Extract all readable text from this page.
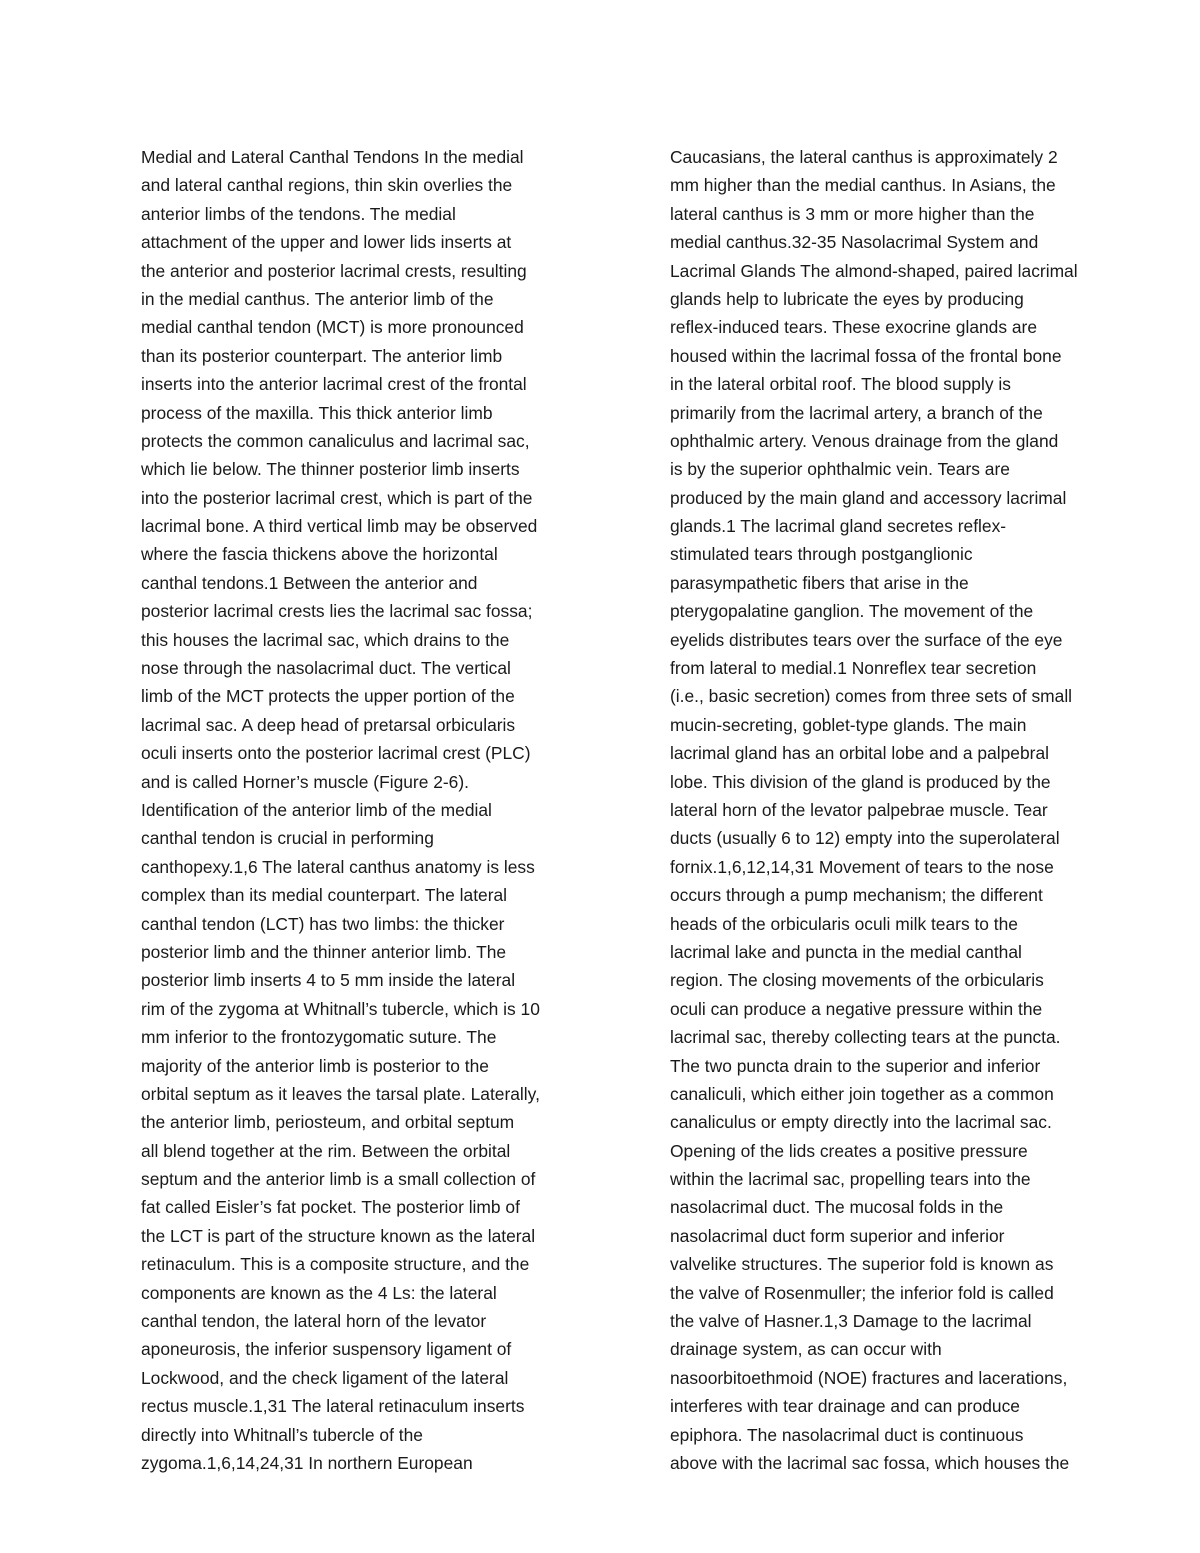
Medial and Lateral Canthal Tendons In the medial
and lateral canthal regions, thin skin overlies the
anterior limbs of the tendons. The medial
attachment of the upper and lower lids inserts at
the anterior and posterior lacrimal crests, resulting
in the medial canthus. The anterior limb of the
medial canthal tendon (MCT) is more pronounced
than its posterior counterpart. The anterior limb
inserts into the anterior lacrimal crest of the frontal
process of the maxilla. This thick anterior limb
protects the common canaliculus and lacrimal sac,
which lie below. The thinner posterior limb inserts
into the posterior lacrimal crest, which is part of the
lacrimal bone. A third vertical limb may be observed
where the fascia thickens above the horizontal
canthal tendons.1 Between the anterior and
posterior lacrimal crests lies the lacrimal sac fossa;
this houses the lacrimal sac, which drains to the
nose through the nasolacrimal duct. The vertical
limb of the MCT protects the upper portion of the
lacrimal sac. A deep head of pretarsal orbicularis
oculi inserts onto the posterior lacrimal crest (PLC)
and is called Horner’s muscle (Figure 2-6).
Identification of the anterior limb of the medial
canthal tendon is crucial in performing
canthopexy.1,6 The lateral canthus anatomy is less
complex than its medial counterpart. The lateral
canthal tendon (LCT) has two limbs: the thicker
posterior limb and the thinner anterior limb. The
posterior limb inserts 4 to 5 mm inside the lateral
rim of the zygoma at Whitnall’s tubercle, which is 10
mm inferior to the frontozygomatic suture. The
majority of the anterior limb is posterior to the
orbital septum as it leaves the tarsal plate. Laterally,
the anterior limb, periosteum, and orbital septum
all blend together at the rim. Between the orbital
septum and the anterior limb is a small collection of
fat called Eisler’s fat pocket. The posterior limb of
the LCT is part of the structure known as the lateral
retinaculum. This is a composite structure, and the
components are known as the 4 Ls: the lateral
canthal tendon, the lateral horn of the levator
aponeurosis, the inferior suspensory ligament of
Lockwood, and the check ligament of the lateral
rectus muscle.1,31 The lateral retinaculum inserts
directly into Whitnall’s tubercle of the
zygoma.1,6,14,24,31 In northern European
Caucasians, the lateral canthus is approximately 2
mm higher than the medial canthus. In Asians, the
lateral canthus is 3 mm or more higher than the
medial canthus.32-35 Nasolacrimal System and
Lacrimal Glands The almond-shaped, paired lacrimal
glands help to lubricate the eyes by producing
reflex-induced tears. These exocrine glands are
housed within the lacrimal fossa of the frontal bone
in the lateral orbital roof. The blood supply is
primarily from the lacrimal artery, a branch of the
ophthalmic artery. Venous drainage from the gland
is by the superior ophthalmic vein. Tears are
produced by the main gland and accessory lacrimal
glands.1 The lacrimal gland secretes reflex-
stimulated tears through postganglionic
parasympathetic fibers that arise in the
pterygopalatine ganglion. The movement of the
eyelids distributes tears over the surface of the eye
from lateral to medial.1 Nonreflex tear secretion
(i.e., basic secretion) comes from three sets of small
mucin-secreting, goblet-type glands. The main
lacrimal gland has an orbital lobe and a palpebral
lobe. This division of the gland is produced by the
lateral horn of the levator palpebrae muscle. Tear
ducts (usually 6 to 12) empty into the superolateral
fornix.1,6,12,14,31 Movement of tears to the nose
occurs through a pump mechanism; the different
heads of the orbicularis oculi milk tears to the
lacrimal lake and puncta in the medial canthal
region. The closing movements of the orbicularis
oculi can produce a negative pressure within the
lacrimal sac, thereby collecting tears at the puncta.
The two puncta drain to the superior and inferior
canaliculi, which either join together as a common
canaliculus or empty directly into the lacrimal sac.
Opening of the lids creates a positive pressure
within the lacrimal sac, propelling tears into the
nasolacrimal duct. The mucosal folds in the
nasolacrimal duct form superior and inferior
valvelike structures. The superior fold is known as
the valve of Rosenmuller; the inferior fold is called
the valve of Hasner.1,3 Damage to the lacrimal
drainage system, as can occur with
nasoorbitoethmoid (NOE) fractures and lacerations,
interferes with tear drainage and can produce
epiphora. The nasolacrimal duct is continuous
above with the lacrimal sac fossa, which houses the
